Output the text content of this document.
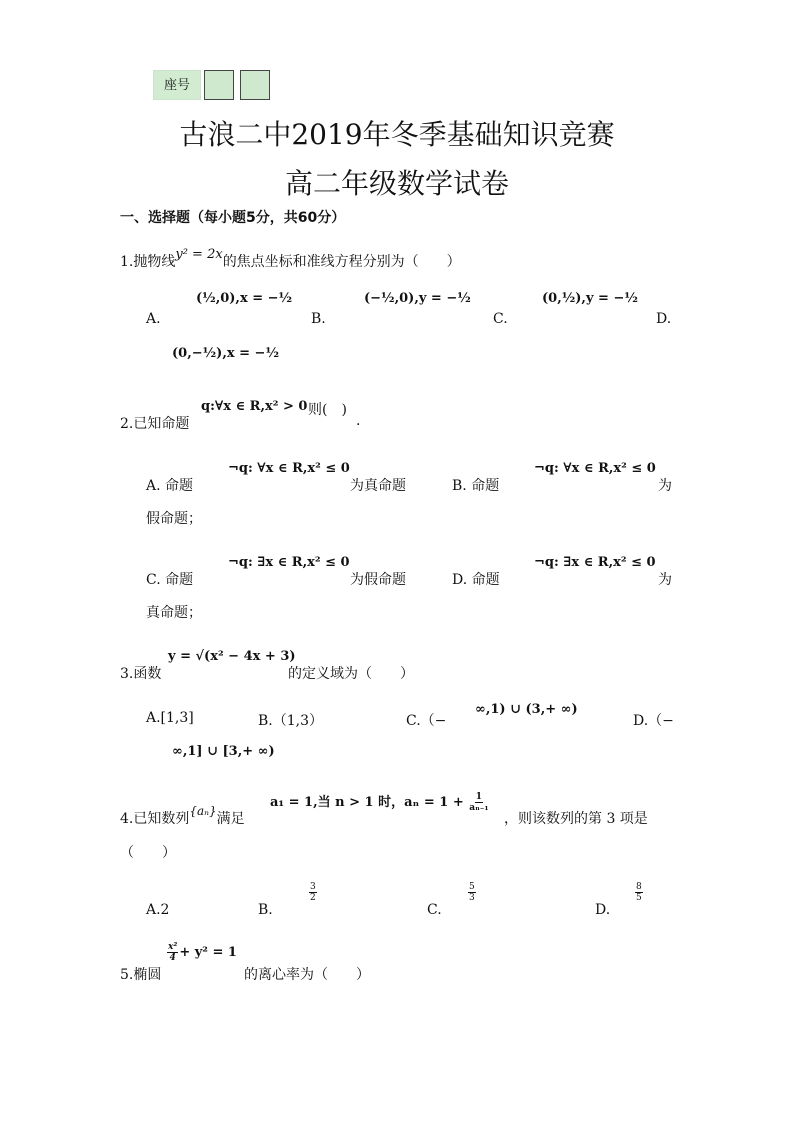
座号
古浪二中2019年冬季基础知识竞赛
高二年级数学试卷
一、选择题（每小题5分，共60分）
1.抛物线y² = 2x的焦点坐标和准线方程分别为（　　）
A.
(½,0),x = −½
B.
(−½,0),y = −½
C.
(0,½),y = −½
D.
(0,−½),x = −½
2.已知命题
q:∀x ∈ R,x² > 0 则(　)
.
A. 命题
¬q: ∀x ∈ R,x² ≤ 0
为真命题	B. 命题
¬q: ∀x ∈ R,x² ≤ 0
为
假命题；
C. 命题
¬q: ∃x ∈ R,x² ≤ 0
为假命题	D. 命题
¬q: ∃x ∈ R,x² ≤ 0
为
真命题；
3.函数
y = √(x² − 4x + 3)
的定义域为（　　）
A.[1,3]	B.（1,3）	C.（−
∞,1) ∪ (3,+ ∞)
D.（−
∞,1] ∪ [3,+ ∞)
4.已知数列{aₙ}满足
a₁ = 1,当 n > 1 时，$a_n = 1 + \frac{1}{\text{aₙ₋₁}}$
，则该数列的第 3 项是
（　　）
A.2	B.
$\frac{3}{2}$
C.
$\frac{5}{3}$
D.
$\frac{8}{5}$
5.椭圆
$\frac{\text{x²}}{4} + y^2 = 1$
的离心率为（　　）
